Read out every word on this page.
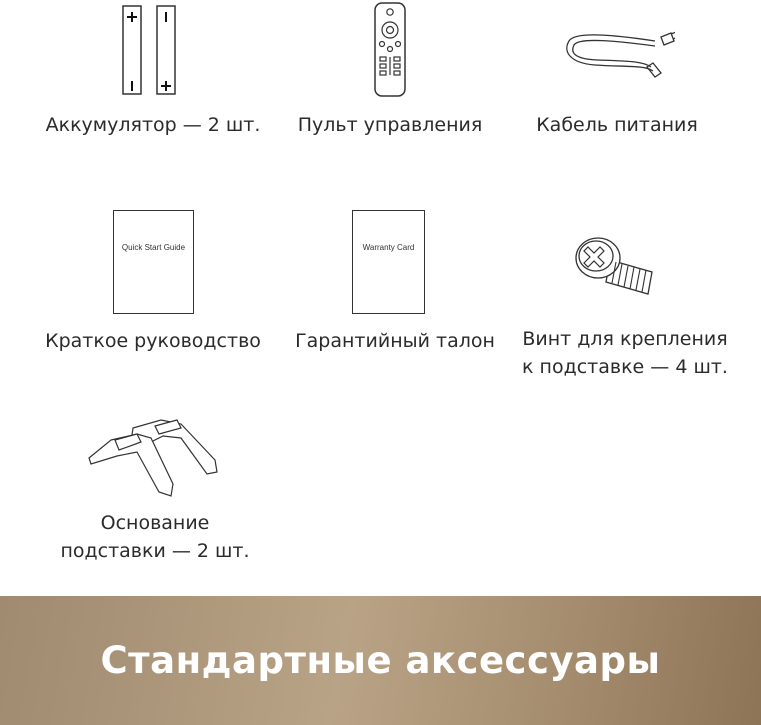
Аккумулятор — 2 шт.	Пульт управления	Кабель питания
Quick Start Guide
Краткое руководство
Warranty Card
Гарантийный талон	Винт для крепления
к подставке — 4 шт.
Основание
подставки — 2 шт.
Стандартные аксессуары
